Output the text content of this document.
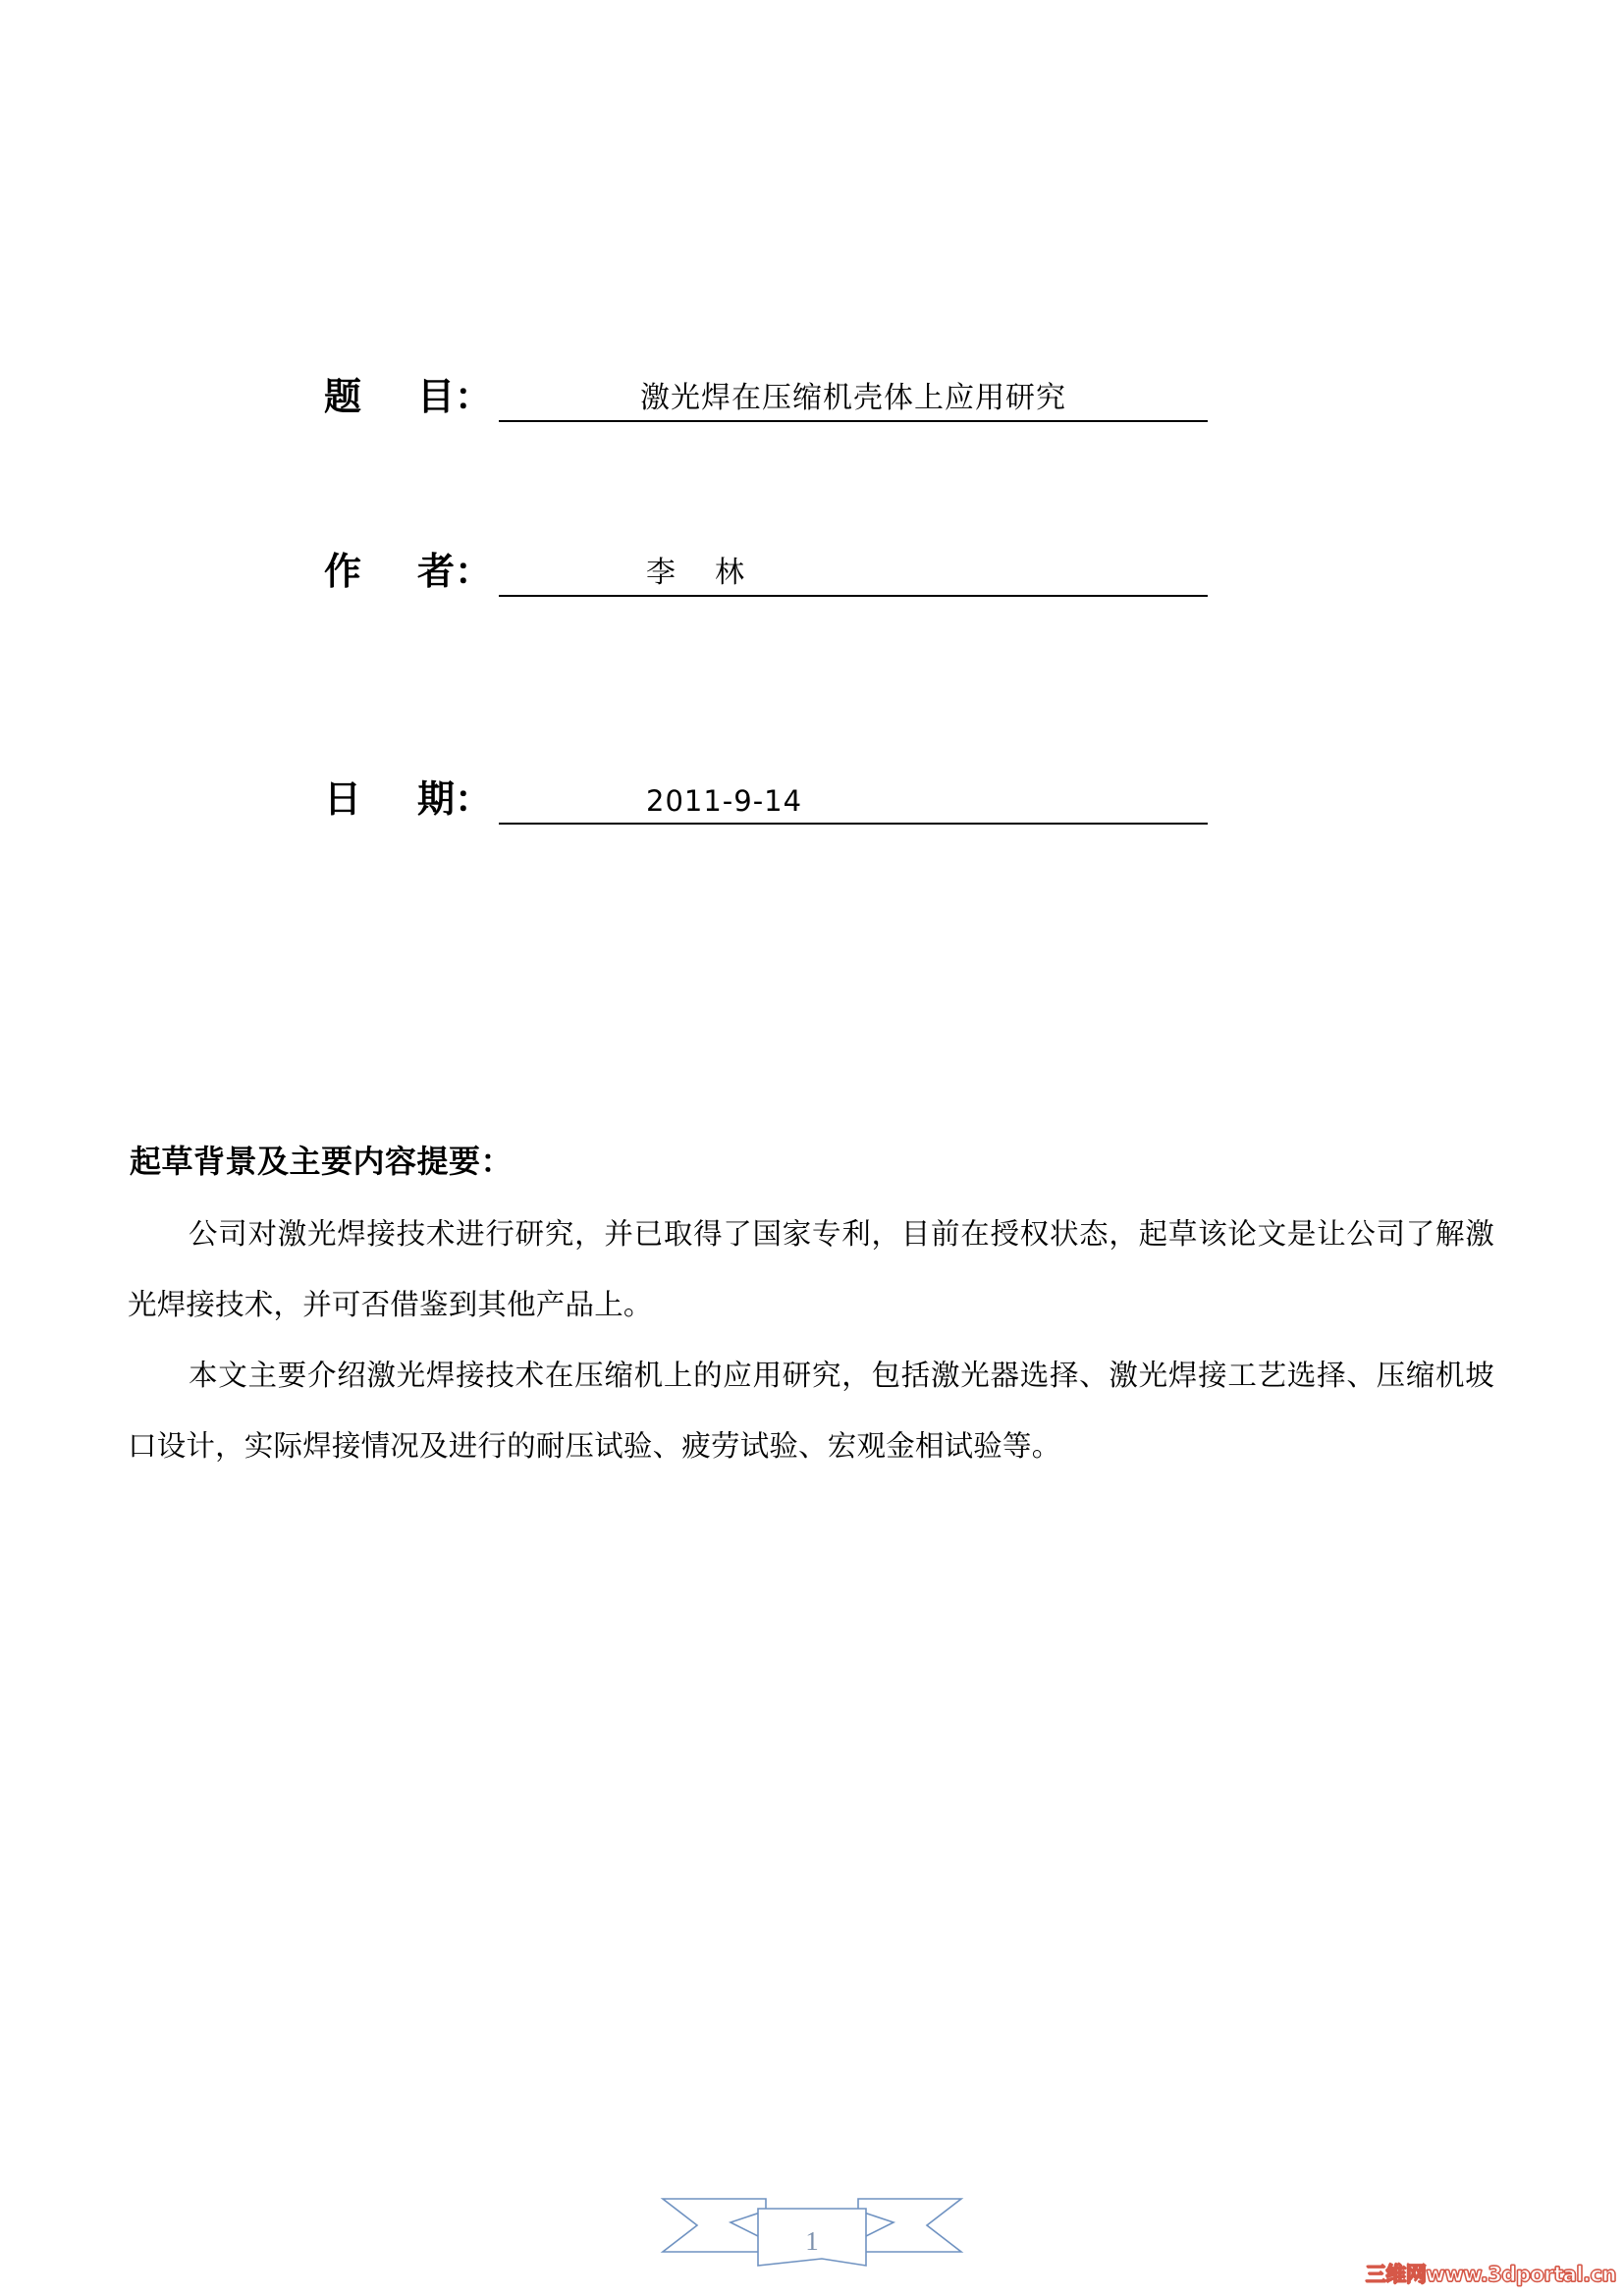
题      目：	激光焊在压缩机壳体上应用研究
作      者：	李    林
日      期：	2011-9-14
起草背景及主要内容提要：

公司对激光焊接技术进行研究，并已取得了国家专利，目前在授权状态，起草该论文是让公司了解激光焊接技术，并可否借鉴到其他产品上。

本文主要介绍激光焊接技术在压缩机上的应用研究，包括激光器选择、激光焊接工艺选择、压缩机坡口设计，实际焊接情况及进行的耐压试验、疲劳试验、宏观金相试验等。

1
三维网www.3dportal.cn
